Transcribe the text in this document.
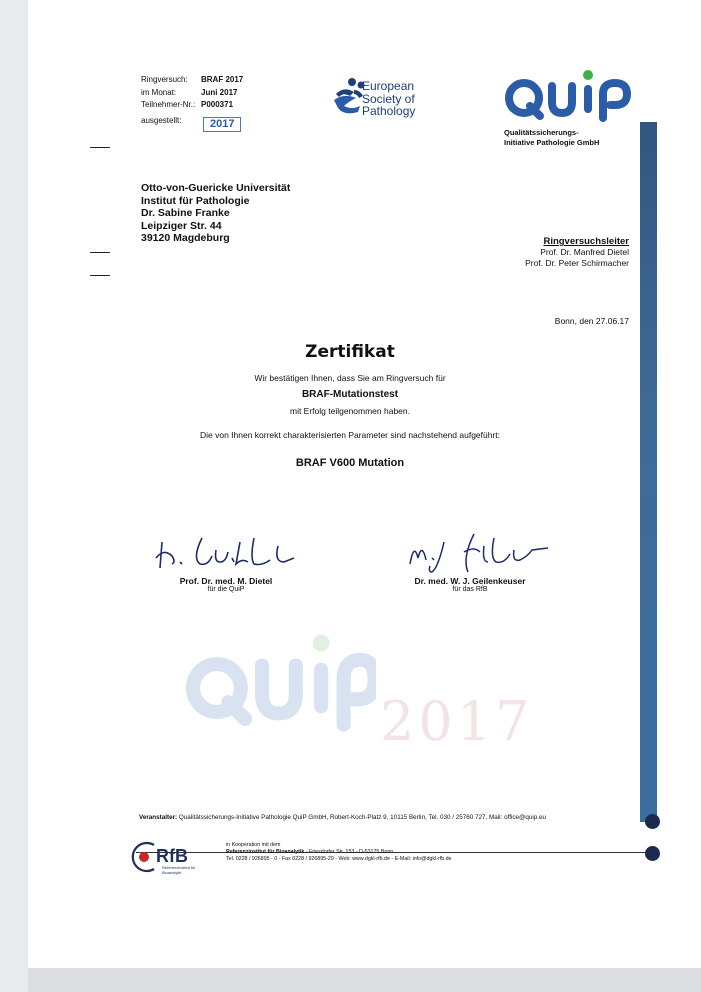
Ringversuch:	BRAF 2017
im Monat:	Juni 2017
Teilnehmer-Nr.: P000371
ausgestellt:	2017
European
Society of
Pathology
Qualitätssicherungs-
Initiative Pathologie GmbH
Otto-von-Guericke Universität
Institut für Pathologie
Dr. Sabine Franke
Leipziger Str. 44
39120 Magdeburg	Ringversuchsleiter
Prof. Dr. Manfred Dietel
Prof. Dr. Peter Schirmacher
Bonn, den 27.06.17
Zertifikat
Wir bestätigen Ihnen, dass Sie am Ringversuch für
BRAF-Mutationstest
mit Erfolg teilgenommen haben.
Die von Ihnen korrekt charakterisierten Parameter sind nachstehend aufgeführt:
BRAF V600 Mutation
Prof. Dr. med. M. Dietel
für die QuiP
Dr. med. W. J. Geilenkeuser
für das RfB
2017
Veranstalter: Qualitätssicherungs-Initiative Pathologie QuiP GmbH, Robert-Koch-Platz 9, 10115 Berlin, Tel. 030 / 25760 727, Mail: office@quip.eu
RfB
Referenzinstitut für Bioanalytik
in Kooperation mit dem
Referenzinstitut für Bioanalytik - Friesdorfer Str. 153 - D-53175 Bonn
Tel. 0228 / 926895 - 0 - Fax 0228 / 926895-29 - Web: www.dgkl-rfb.de - E-Mail: info@dgkl-rfb.de
